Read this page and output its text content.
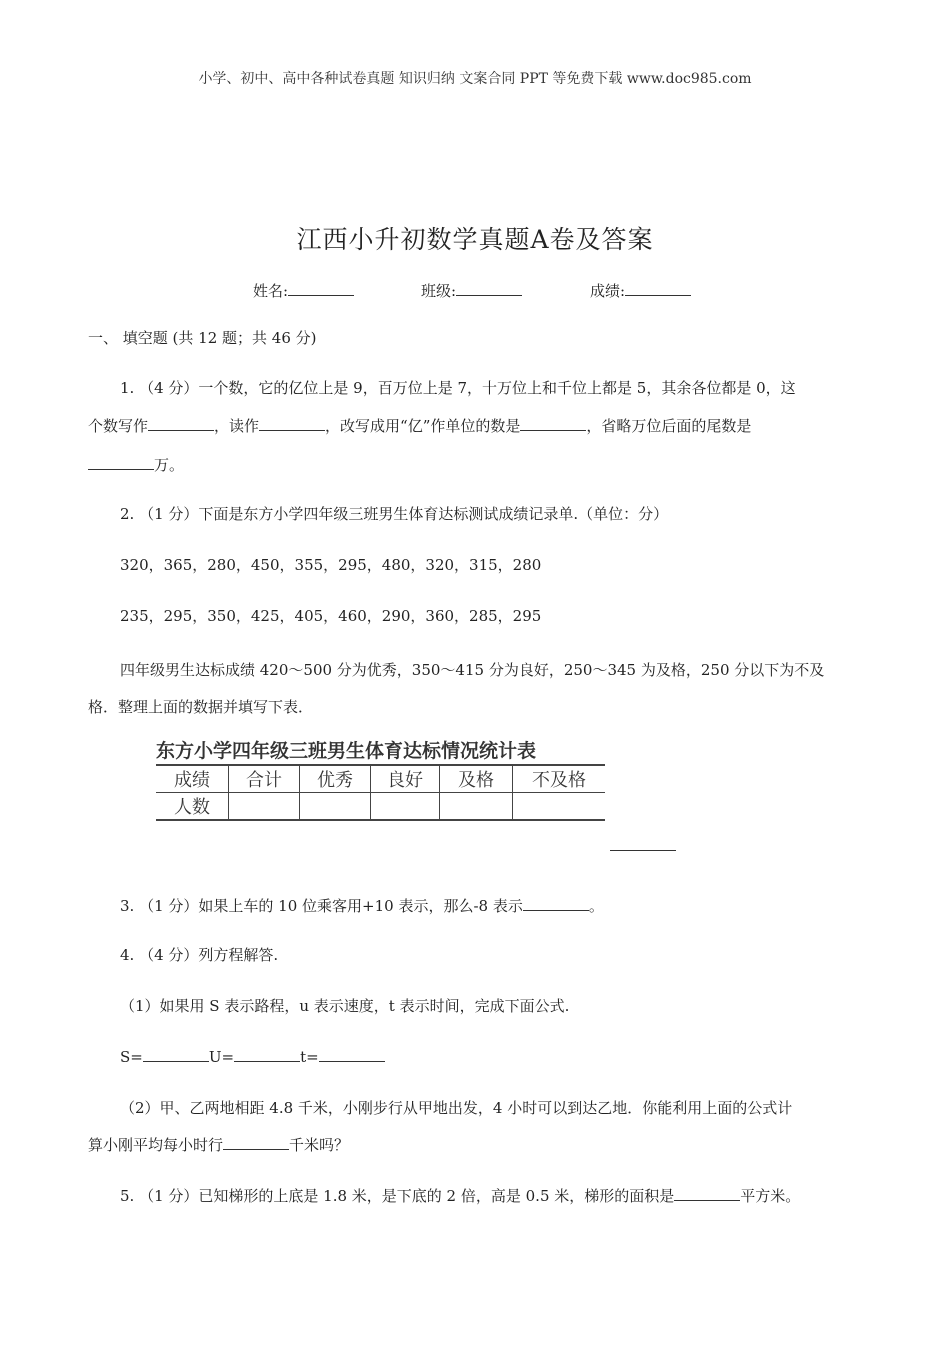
小学、初中、高中各种试卷真题 知识归纳 文案合同 PPT 等免费下载 www.doc985.com
江西小升初数学真题A卷及答案
姓名:	班级:	成绩:
一、 填空题 (共 12 题；共 46 分)
1. （4 分）一个数，它的亿位上是 9，百万位上是 7，十万位上和千位上都是 5，其余各位都是 0，这
个数写作	，读作	，改写成用“亿”作单位的数是	，省略万位后面的尾数是
万。
2. （1 分）下面是东方小学四年级三班男生体育达标测试成绩记录单.（单位：分）
320，365，280，450，355，295，480，320，315，280
235，295，350，425，405，460，290，360，285，295
四年级男生达标成绩 420～500 分为优秀，350～415 分为良好，250～345 为及格，250 分以下为不及
格．整理上面的数据并填写下表．
东方小学四年级三班男生体育达标情况统计表
成绩	合计	优秀	良好	及格	不及格
人数					
3. （1 分）如果上车的 10 位乘客用+10 表示，那么-8 表示	。
4. （4 分）列方程解答.
（1）如果用 S 表示路程，u 表示速度，t 表示时间，完成下面公式.
S=	U=	t=
（2）甲、乙两地相距 4.8 千米，小刚步行从甲地出发，4 小时可以到达乙地．你能利用上面的公式计
算小刚平均每小时行	千米吗？
5. （1 分）已知梯形的上底是 1.8 米，是下底的 2 倍，高是 0.5 米，梯形的面积是	平方米。
